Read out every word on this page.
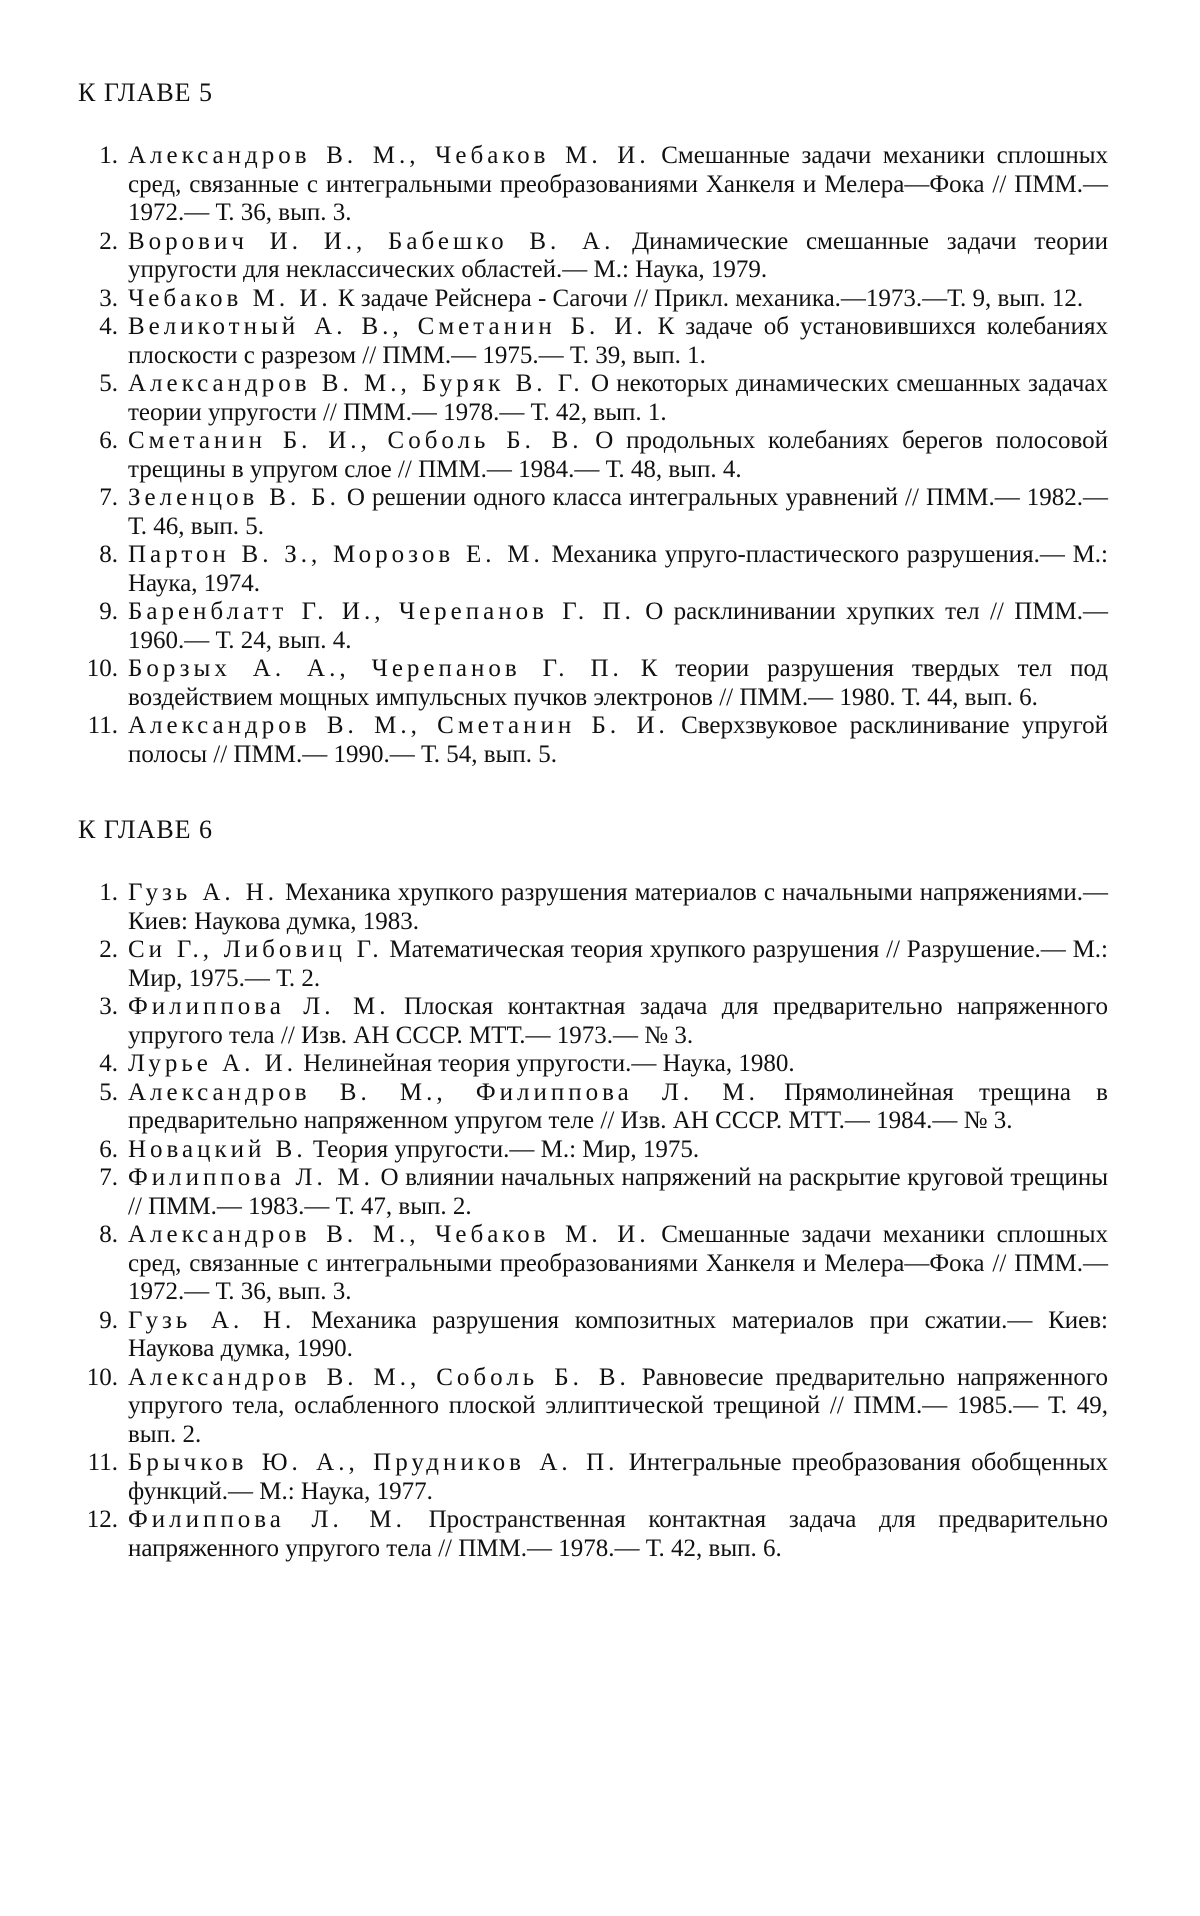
К ГЛАВЕ 5
1. Александров В. М., Чебаков М. И. Смешанные задачи механики сплошных сред, связанные с интегральными преобразованиями Ханкеля и Мелера—Фока // ПММ.— 1972.— Т. 36, вып. 3.
2. Ворович И. И., Бабешко В. А. Динамические смешанные задачи теории упругости для неклассических областей.— М.: Наука, 1979.
3. Чебаков М. И. К задаче Рейснера - Сагочи // Прикл. механика.—1973.—Т. 9, вып. 12.
4. Великотный А. В., Сметанин Б. И. К задаче об установившихся колебаниях плоскости с разрезом // ПММ.— 1975.— Т. 39, вып. 1.
5. Александров В. М., Буряк В. Г. О некоторых динамических смешанных задачах теории упругости // ПММ.— 1978.— Т. 42, вып. 1.
6. Сметанин Б. И., Соболь Б. В. О продольных колебаниях берегов полосовой трещины в упругом слое // ПММ.— 1984.— Т. 48, вып. 4.
7. Зеленцов В. Б. О решении одного класса интегральных уравнений // ПММ.— 1982.— Т. 46, вып. 5.
8. Партон В. З., Морозов Е. М. Механика упруго-пластического разрушения.— М.: Наука, 1974.
9. Баренблатт Г. И., Черепанов Г. П. О расклинивании хрупких тел // ПММ.— 1960.— Т. 24, вып. 4.
10. Борзых А. А., Черепанов Г. П. К теории разрушения твердых тел под воздействием мощных импульсных пучков электронов // ПММ.— 1980. Т. 44, вып. 6.
11. Александров В. М., Сметанин Б. И. Сверхзвуковое расклинивание упругой полосы // ПММ.— 1990.— Т. 54, вып. 5.
К ГЛАВЕ 6
1. Гузь А. Н. Механика хрупкого разрушения материалов с начальными напряжениями.— Киев: Наукова думка, 1983.
2. Си Г., Либовиц Г. Математическая теория хрупкого разрушения // Разрушение.— М.: Мир, 1975.— Т. 2.
3. Филиппова Л. М. Плоская контактная задача для предварительно напряженного упругого тела // Изв. АН СССР. МТТ.— 1973.— № 3.
4. Лурье А. И. Нелинейная теория упругости.— Наука, 1980.
5. Александров В. М., Филиппова Л. М. Прямолинейная трещина в предварительно напряженном упругом теле // Изв. АН СССР. МТТ.— 1984.— № 3.
6. Новацкий В. Теория упругости.— М.: Мир, 1975.
7. Филиппова Л. М. О влиянии начальных напряжений на раскрытие круговой трещины // ПММ.— 1983.— Т. 47, вып. 2.
8. Александров В. М., Чебаков М. И. Смешанные задачи механики сплошных сред, связанные с интегральными преобразованиями Ханкеля и Мелера—Фока // ПММ.— 1972.— Т. 36, вып. 3.
9. Гузь А. Н. Механика разрушения композитных материалов при сжатии.— Киев: Наукова думка, 1990.
10. Александров В. М., Соболь Б. В. Равновесие предварительно напряженного упругого тела, ослабленного плоской эллиптической трещиной // ПММ.— 1985.— Т. 49, вып. 2.
11. Брычков Ю. А., Прудников А. П. Интегральные преобразования обобщенных функций.— М.: Наука, 1977.
12. Филиппова Л. М. Пространственная контактная задача для предварительно напряженного упругого тела // ПММ.— 1978.— Т. 42, вып. 6.
